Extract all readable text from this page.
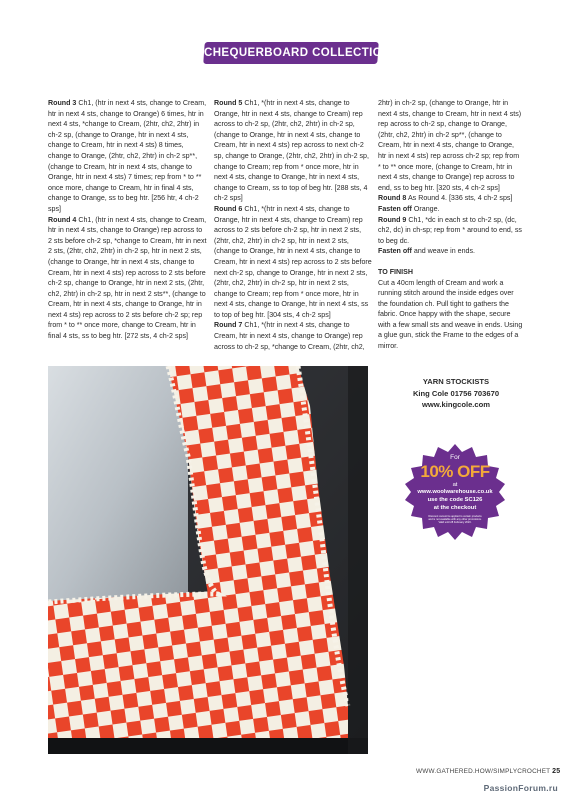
CHEQUERBOARD COLLECTION

Round 3 Ch1, (htr in next 4 sts, change to Cream, htr in next 4 sts, change to Orange) 6 times, htr in next 4 sts, *change to Cream, (2htr, ch2, 2htr) in ch-2 sp, (change to Orange, htr in next 4 sts, change to Cream, htr in next 4 sts) 8 times, change to Orange, (2htr, ch2, 2htr) in ch-2 sp**, (change to Cream, htr in next 4 sts, change to Orange, htr in next 4 sts) 7 times; rep from * to ** once more, change to Cream, htr in final 4 sts, change to Orange, ss to beg htr. [256 htr, 4 ch-2 sps]

Round 4 Ch1, (htr in next 4 sts, change to Cream, htr in next 4 sts, change to Orange) rep across to 2 sts before ch-2 sp, *change to Cream, htr in next 2 sts, (2htr, ch2, 2htr) in ch-2 sp, htr in next 2 sts, (change to Orange, htr in next 4 sts, change to Cream, htr in next 4 sts) rep across to 2 sts before ch-2 sp, change to Orange, htr in next 2 sts, (2htr, ch2, 2htr) in ch-2 sp, htr in next 2 sts**, (change to Cream, htr in next 4 sts, change to Orange, htr in next 4 sts) rep across to 2 sts before ch-2 sp; rep from * to ** once more, change to Cream, htr in final 4 sts, ss to beg htr. [272 sts, 4 ch-2 sps]

Round 5 Ch1, *(htr in next 4 sts, change to Orange, htr in next 4 sts, change to Cream) rep across to ch-2 sp, (2htr, ch2, 2htr) in ch-2 sp, (change to Orange, htr in next 4 sts, change to Cream, htr in next 4 sts) rep across to next ch-2 sp, change to Orange, (2htr, ch2, 2htr) in ch-2 sp, change to Cream; rep from * once more, htr in next 4 sts, change to Orange, htr in next 4 sts, change to Cream, ss to top of beg htr. [288 sts, 4 ch-2 sps]

Round 6 Ch1, *(htr in next 4 sts, change to Orange, htr in next 4 sts, change to Cream) rep across to 2 sts before ch-2 sp, htr in next 2 sts, (2htr, ch2, 2htr) in ch-2 sp, htr in next 2 sts, (change to Orange, htr in next 4 sts, change to Cream, htr in next 4 sts) rep across to 2 sts before next ch-2 sp, change to Orange, htr in next 2 sts, (2htr, ch2, 2htr) in ch-2 sp, htr in next 2 sts, change to Cream; rep from * once more, htr in next 4 sts, change to Orange, htr in next 4 sts, ss to top of beg htr. [304 sts, 4 ch-2 sps]

Round 7 Ch1, *(htr in next 4 sts, change to Cream, htr in next 4 sts, change to Orange) rep across to ch-2 sp, *change to Cream, (2htr, ch2,

2htr) in ch-2 sp, (change to Orange, htr in next 4 sts, change to Cream, htr in next 4 sts) rep across to ch-2 sp, change to Orange, (2htr, ch2, 2htr) in ch-2 sp**, (change to Cream, htr in next 4 sts, change to Orange, htr in next 4 sts) rep across ch-2 sp; rep from * to ** once more, (change to Cream, htr in next 4 sts, change to Orange) rep across to end, ss to beg htr. [320 sts, 4 ch-2 sps]

Round 8 As Round 4. [336 sts, 4 ch-2 sps]

Fasten off Orange.

Round 9 Ch1, *dc in each st to ch-2 sp, (dc, ch2, dc) in ch-sp; rep from * around to end, ss to beg dc.

Fasten off and weave in ends.

TO FINISH

Cut a 40cm length of Cream and work a running stitch around the inside edges over the foundation ch. Pull tight to gathers the fabric. Once happy with the shape, secure with a few small sts and weave in ends. Using a glue gun, stick the Frame to the edges of a mirror.

YARN STOCKISTS
King Cole 01756 703670
www.kingcole.com
For
10% OFF
at
www.woolwarehouse.co.uk
use the code SC126
at the checkout
Discount cannot be applied to certain products and is not available with any other promotions. Valid until 28 February 2023.
WWW.GATHERED.HOW/SIMPLYCROCHET 25
PassionForum.ru
